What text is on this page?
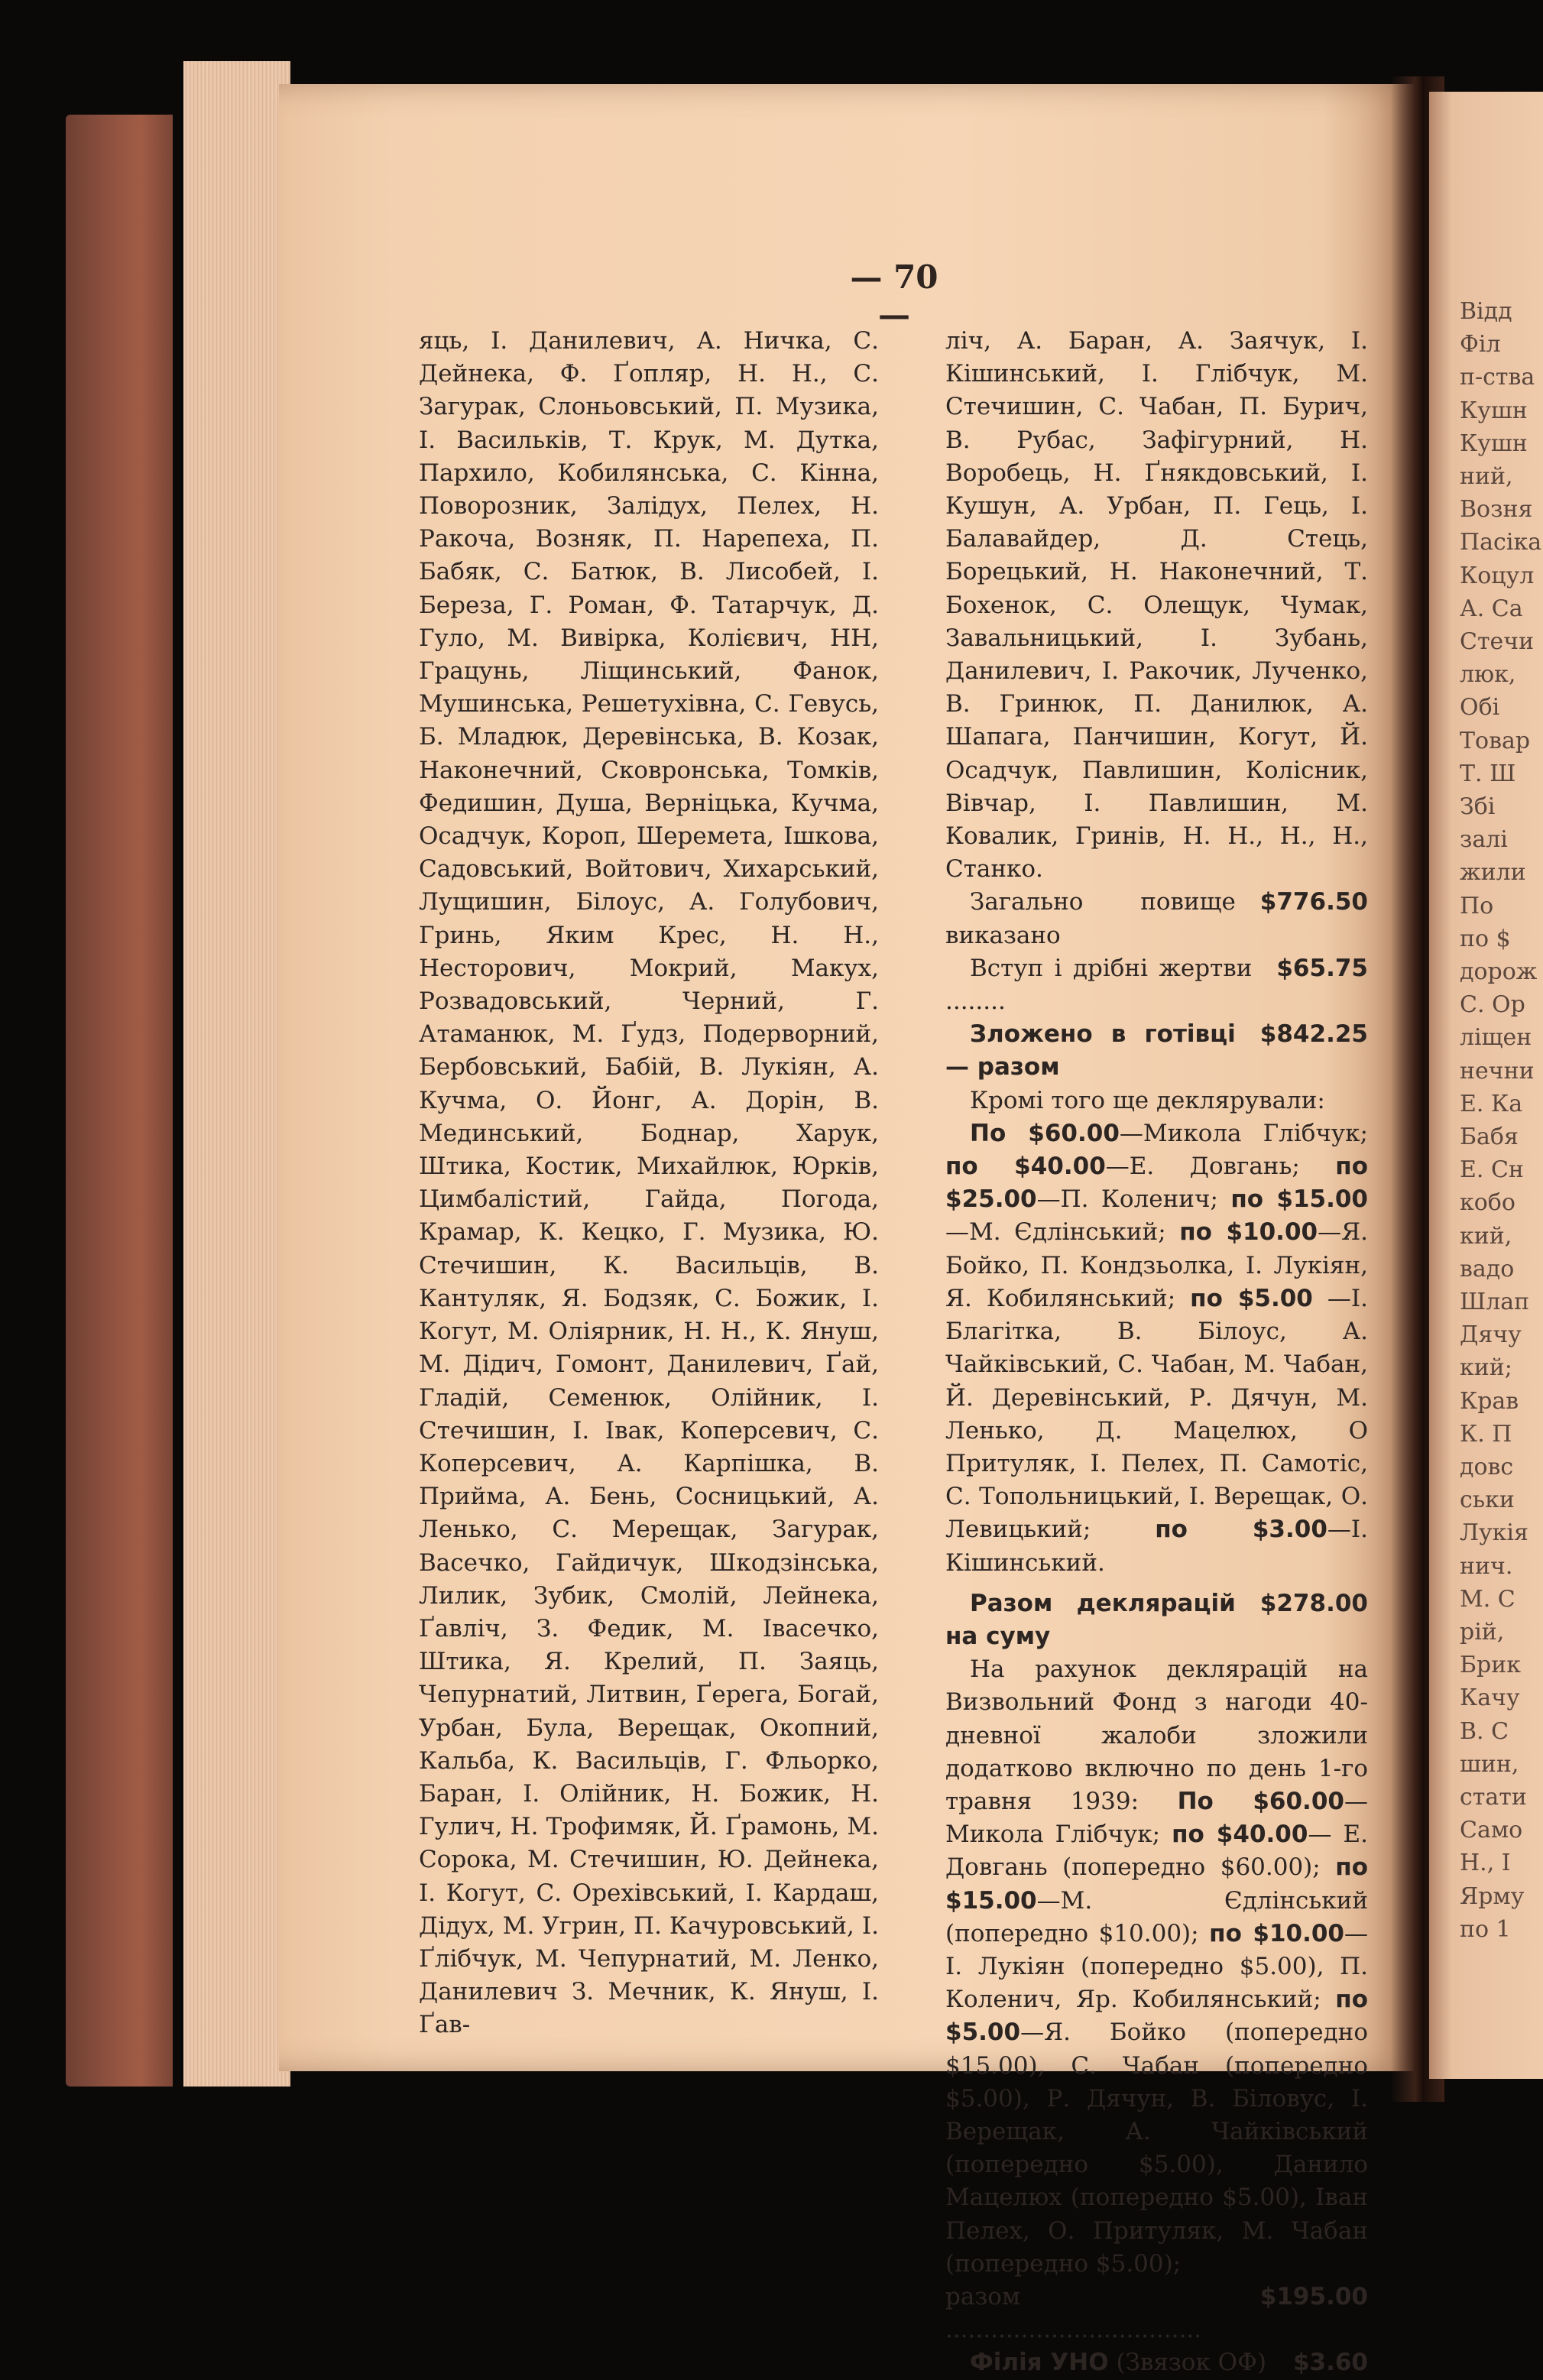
Відд
Філ
п-ства
Кушн
Кушн
ний,
Возня
Пасіка
Коцул
А. Са
Стечи
люк,
Обі
Товар
Т. Ш
Збі
залі
жили
По
по $
дорож
С. Ор
ліщен
нечни
Е. Ка
Бабя
Е. Сн
кобо
кий,
вадо
Шлап
Дячу
кий;
Крав
К. П
довс
ськи
Лукія
нич.
М. С
рій,
Брик
Качу
В. С
шин,
стати
Само
Н., І
Ярму
по 1
— 70 —

яць, І. Данилевич, А. Ничка, С. Дейнека, Ф. Ґопляр, Н. Н., С. Загурак, Слоньовський, П. Музика, І. Васильків, Т. Крук, М. Дутка, Пархило, Кобилянська, С. Кінна, Поворозник, Залідух, Пелех, Н. Ракоча, Возняк, П. Нарепеха, П. Бабяк, С. Батюк, В. Лисобей, І. Береза, Г. Роман, Ф. Татарчук, Д. Гуло, М. Вивірка, Колієвич, НН, Грацунь, Ліщинський, Фанок, Мушинська, Решетухівна, С. Гевусь, Б. Младюк, Деревінська, В. Козак, Наконечний, Сковронська, Томків, Федишин, Душа, Верніцька, Кучма, Осадчук, Короп, Шеремета, Ішкова, Садовський, Войтович, Хихарський, Лущишин, Білоус, А. Голубович, Гринь, Яким Крес, Н. Н., Несторович, Мокрий, Макух, Розвадовський, Черний, Г. Атаманюк, М. Ґудз, Подерворний, Бербовський, Бабій, В. Лукіян, А. Кучма, О. Йонг, А. Дорін, В. Мединський, Боднар, Харук, Штика, Костик, Михайлюк, Юрків, Цимбалістий, Гайда, Погода, Крамар, К. Кецко, Г. Музика, Ю. Стечишин, К. Васильців, В. Кантуляк, Я. Бодзяк, С. Божик, І. Когут, М. Оліярник, Н. Н., К. Януш, М. Дідич, Гомонт, Данилевич, Ґай, Гладій, Семенюк, Олійник, І. Стечишин, І. Івак, Коперсевич, С. Коперсевич, А. Карпішка, В. Прийма, А. Бень, Сосницький, А. Ленько, С. Мерещак, Загурак, Васечко, Гайдичук, Шкодзінська, Лилик, Зубик, Смолій, Лейнека, Ґавліч, З. Федик, М. Івасечко, Штика, Я. Крелий, П. Заяць, Чепурнатий, Литвин, Ґерега, Богай, Урбан, Була, Верещак, Окопний, Кальба, К. Васильців, Г. Фльорко, Баран, І. Олійник, Н. Божик, Н. Гулич, Н. Трофимяк, Й. Ґрамонь, М. Сорока, М. Стечишин, Ю. Дейнека, І. Когут, С. Орехівський, І. Кардаш, Дідух, М. Угрин, П. Качуровський, І. Ґлібчук, М. Чепурнатий, М. Ленко, Данилевич З. Мечник, К. Януш, І. Ґав-

ліч, А. Баран, А. Заячук, І. Кішинський, І. Глібчук, М. Стечишин, С. Чабан, П. Бурич, В. Рубас, Зафігурний, Н. Воробець, Н. Ґнякдовський, І. Кушун, А. Урбан, П. Гець, І. Балавайдер, Д. Стець, Борецький, Н. Наконечний, Т. Бохенок, С. Олещук, Чумак, Завальницький, І. Зубань, Данилевич, І. Ракочик, Лученко, В. Гринюк, П. Данилюк, А. Шапага, Панчишин, Когут, Й. Осадчук, Павлишин, Колісник, Вівчар, І. Павлишин, М. Ковалик, Гринів, Н. Н., Н., Н., Станко.

Загально повище виказано
$776.50

Вступ і дрібні жертви ........
$65.75

Зложено в готівці — разом
$842.25

Кромі того ще деклярували:

По $60.00—Микола Глібчук; по $40.00—Е. Довгань; по $25.00—П. Коленич; по $15.00—М. Єдлінський; по $10.00—Я. Бойко, П. Кондзьолка, І. Лукіян, Я. Кобилянський; по $5.00 —І. Благітка, В. Білоус, А. Чайківський, С. Чабан, М. Чабан, Й. Деревінський, Р. Дячун, М. Ленько, Д. Мацелюх, О Притуляк, І. Пелех, П. Самотіс, С. Топольницький, І. Верещак, О. Левицький; по $3.00—І. Кішинський.

Разом деклярацій на суму
$278.00

На рахунок деклярацій на Визвольний Фонд з нагоди 40-дневної жалоби зложили додатково включно по день 1-го травня 1939: По $60.00—Микола Глібчук; по $40.00— Е. Довгань (попередно $60.00); по $15.00—М. Єдлінський (попередно $10.00); по $10.00—І. Лукіян (попередно $5.00), П. Коленич, Яр. Кобилянський; по $5.00—Я. Бойко (попередно $15.00), С. Чабан (попередно $5.00), Р. Дячун, В. Біловус, І. Верещак, А. Чайківський (попередно $5.00), Данило Мацелюх (попередно $5.00), Іван Пелех, О. Притуляк, М. Чабан (попередно $5.00);

разом ..................................
$195.00

Філія УНО (Звязок ОФ)	$3.60
